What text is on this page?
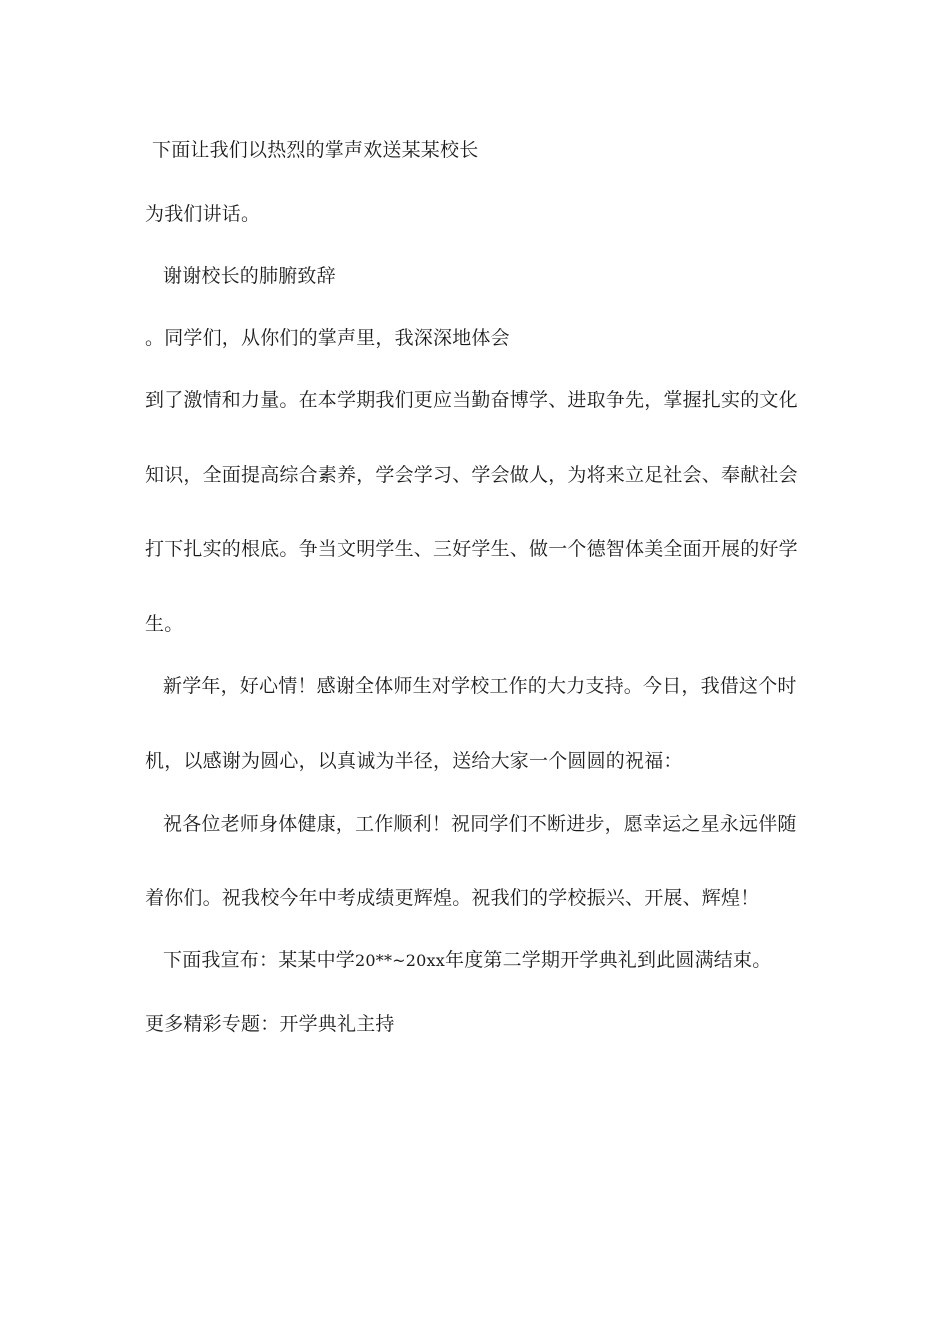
下面让我们以热烈的掌声欢送某某校长
为我们讲话。
谢谢校长的肺腑致辞
。同学们，从你们的掌声里，我深深地体会
到了激情和力量。在本学期我们更应当勤奋博学、进取争先，掌握扎实的文化
知识，全面提高综合素养，学会学习、学会做人，为将来立足社会、奉献社会
打下扎实的根底。争当文明学生、三好学生、做一个德智体美全面开展的好学
生。
新学年，好心情！感谢全体师生对学校工作的大力支持。今日，我借这个时
机，以感谢为圆心，以真诚为半径，送给大家一个圆圆的祝福：
祝各位老师身体健康，工作顺利！祝同学们不断进步，愿幸运之星永远伴随
着你们。祝我校今年中考成绩更辉煌。祝我们的学校振兴、开展、辉煌！
下面我宣布：某某中学20**~20xx年度第二学期开学典礼到此圆满结束。
更多精彩专题：开学典礼主持
